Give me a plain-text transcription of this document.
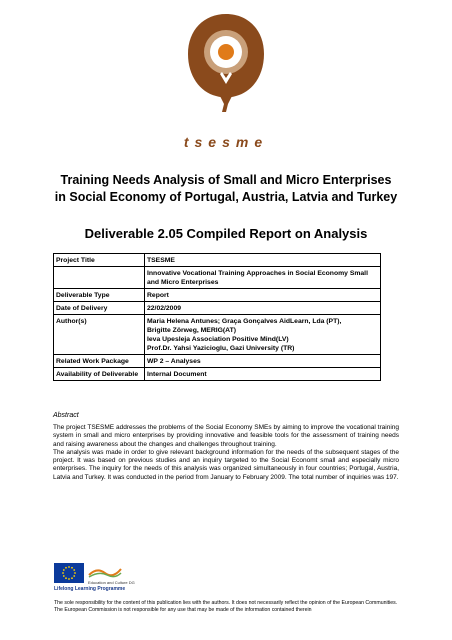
tsesme
Training Needs Analysis of Small and Micro Enterprises
in Social Economy of Portugal, Austria, Latvia and Turkey
Deliverable 2.05 Compiled Report on Analysis
Project Title	TSESME
	Innovative Vocational Training Approaches in Social Economy Small and Micro Enterprises
Deliverable Type	Report
Date of Delivery	22/02/2009
Author(s)	Maria Helena Antunes; Graça Gonçalves AidLearn, Lda (PT),
Brigitte Zörweg, MERIG(AT)
Ieva Upesleja Association Positive Mind(LV)
Prof.Dr. Yahsi Yazicioglu, Gazi University (TR)

Related Work Package	WP 2 – Analyses
Availability of Deliverable	Internal Document
Abstract

The project TSESME addresses the problems of the Social Economy SMEs by aiming to improve the vocational training system in small and micro enterprises by providing innovative and feasible tools for the assessment of training needs and raising awareness about the changes and challenges throughout training.

The analysis was made in order to give relevant background information for the needs of the subsequent stages of the project. It was based on previous studies and an inquiry targeted to the Social Economt small and especially micro enterprises. The inquiry for the needs of this analysis was organized simultaneously in four countries; Portugal, Austria, Latvia and Turkey. It was conducted in the period from January to February 2009. The total number of inquiries was 197.

Education and Culture DG
Lifelong Learning Programme
The sole responsibility for the content of this publication lies with the authors. It does not necessarily reflect the opinion of the European Communities. The European Commission is not responsible for any use that may be made of the information contained therein
